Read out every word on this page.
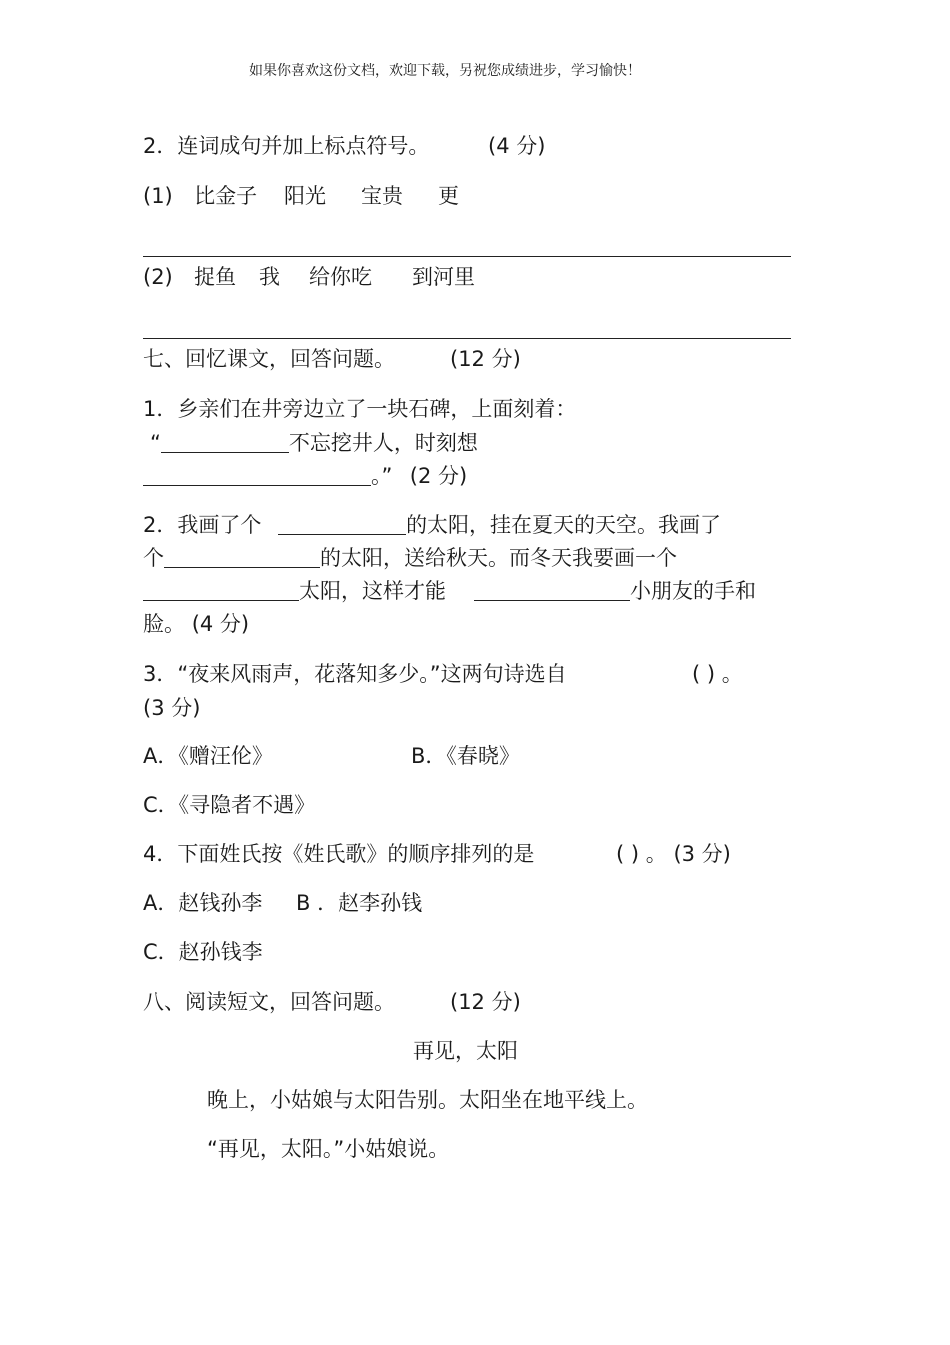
如果你喜欢这份文档，欢迎下载，另祝您成绩进步，学习愉快！
2．连词成句并加上标点符号。	(4 分)
(1) 比金子 阳光 宝贵 更
(2) 捉鱼 我 给你吃 到河里
七、回忆课文，回答问题。	(12 分)
1．乡亲们在井旁边立了一块石碑，上面刻着：
“	不忘挖井人，时刻想
。” (2 分)
2．我画了个	的太阳，挂在夏天的天空。我画了
个	的太阳，送给秋天。而冬天我要画一个
太阳，这样才能	小朋友的手和
脸。 (4 分)
3．“夜来风雨声，花落知多少。”这两句诗选自	( ) 。
(3 分)
A．《赠汪伦》	B．《春晓》
C．《寻隐者不遇》
4．下面姓氏按《姓氏歌》的顺序排列的是	( ) 。 (3 分)
A．赵钱孙李 B ．赵李孙钱
C．赵孙钱李
八、阅读短文，回答问题。	(12 分)
再见，太阳
晚上，小姑娘与太阳告别。太阳坐在地平线上。
“再见，太阳。”小姑娘说。
